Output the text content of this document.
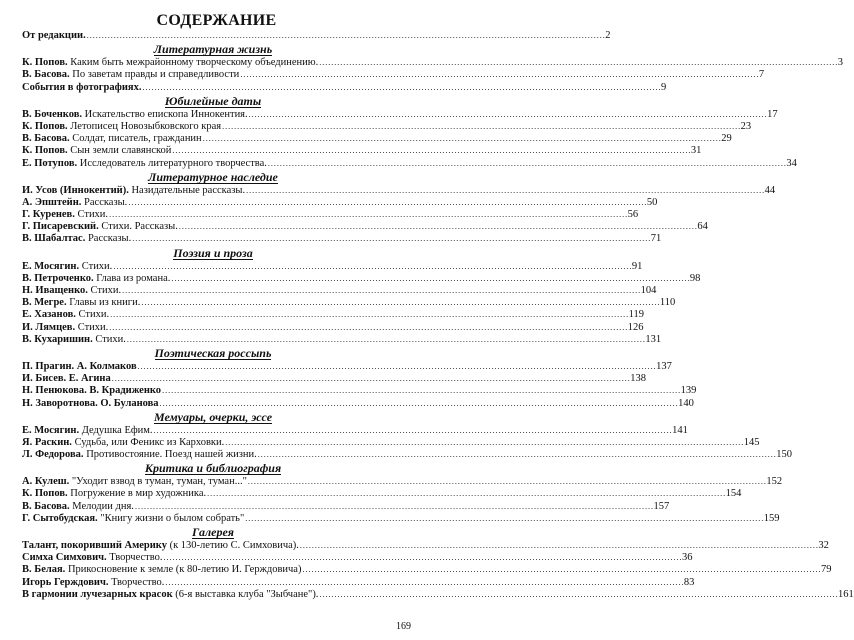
СОДЕРЖАНИЕ
От редакции. . . .	2
Литературная жизнь
К. Попов. Каким быть межрайонному творческому объединению. . . .	3
В. Басова. По заветам правды и справедливости . . .	7
События в фотографиях. . . .	9
Юбилейные даты
В. Боченков. Искательство епископа Иннокентия. . . .	17
К. Попов. Летописец Новозыбковского края . . .	23
В. Басова. Солдат, писатель, гражданин . . .	29
К. Попов. Сын земли славянской . . .	31
Е. Потупов. Исследователь литературного творчества. . . .	34
Литературное наследие
И. Усов (Иннокентий). Назидательные рассказы. . . .	44
А. Эпштейн. Рассказы. . . .	50
Г. Куренев. Стихи. . . .	56
Г. Писаревский. Стихи. Рассказы. . . .	64
В. Шабалтас. Рассказы. . . .	71
Поэзия и проза
Е. Мосягин. Стихи. . . .	91
В. Петроченко. Глава из романа. . . .	98
Н. Иващенко. Стихи. . . .	104
В. Мегре. Главы из книги. . . .	110
Е. Хазанов. Стихи. . . .	119
И. Лямцев. Стихи. . . .	126
В. Кухаришин. Стихи. . . .	131
Поэтическая россыпь
П. Прагин. А. Колмаков . . .	137
И. Бисев. Е. Агина . . .	138
Н. Пенюкова. В. Крадиженко . . .	139
Н. Заворотнова. О. Буланова . . .	140
Мемуары, очерки, эссе
Е. Мосягин. Дедушка Ефим. . . .	141
Я. Раскин. Судьба, или Феникс из Карховки. . . .	145
Л. Федорова. Противостояние. Поезд нашей жизни. . . .	150
Критика и библиография
А. Кулеш. "Уходит взвод в туман, туман, туман..." . . .	152
К. Попов. Погружение в мир художника. . . .	154
В. Басова. Мелодии дня. . . .	157
Г. Сытобудская. "Книгу жизни о былом собрать" . . .	159
Галерея
Талант, покоривший Америку (к 130-летию С. Симховича). . . .	32
Симха Симхович. Творчество. . . .	36
В. Белая. Прикосновение к земле (к 80-летию И. Герждовича) . . .	79
Игорь Герждович. Творчество. . . .	83
В гармонии лучезарных красок (6-я выставка клуба "Зыбчане"). . . .	161
169
